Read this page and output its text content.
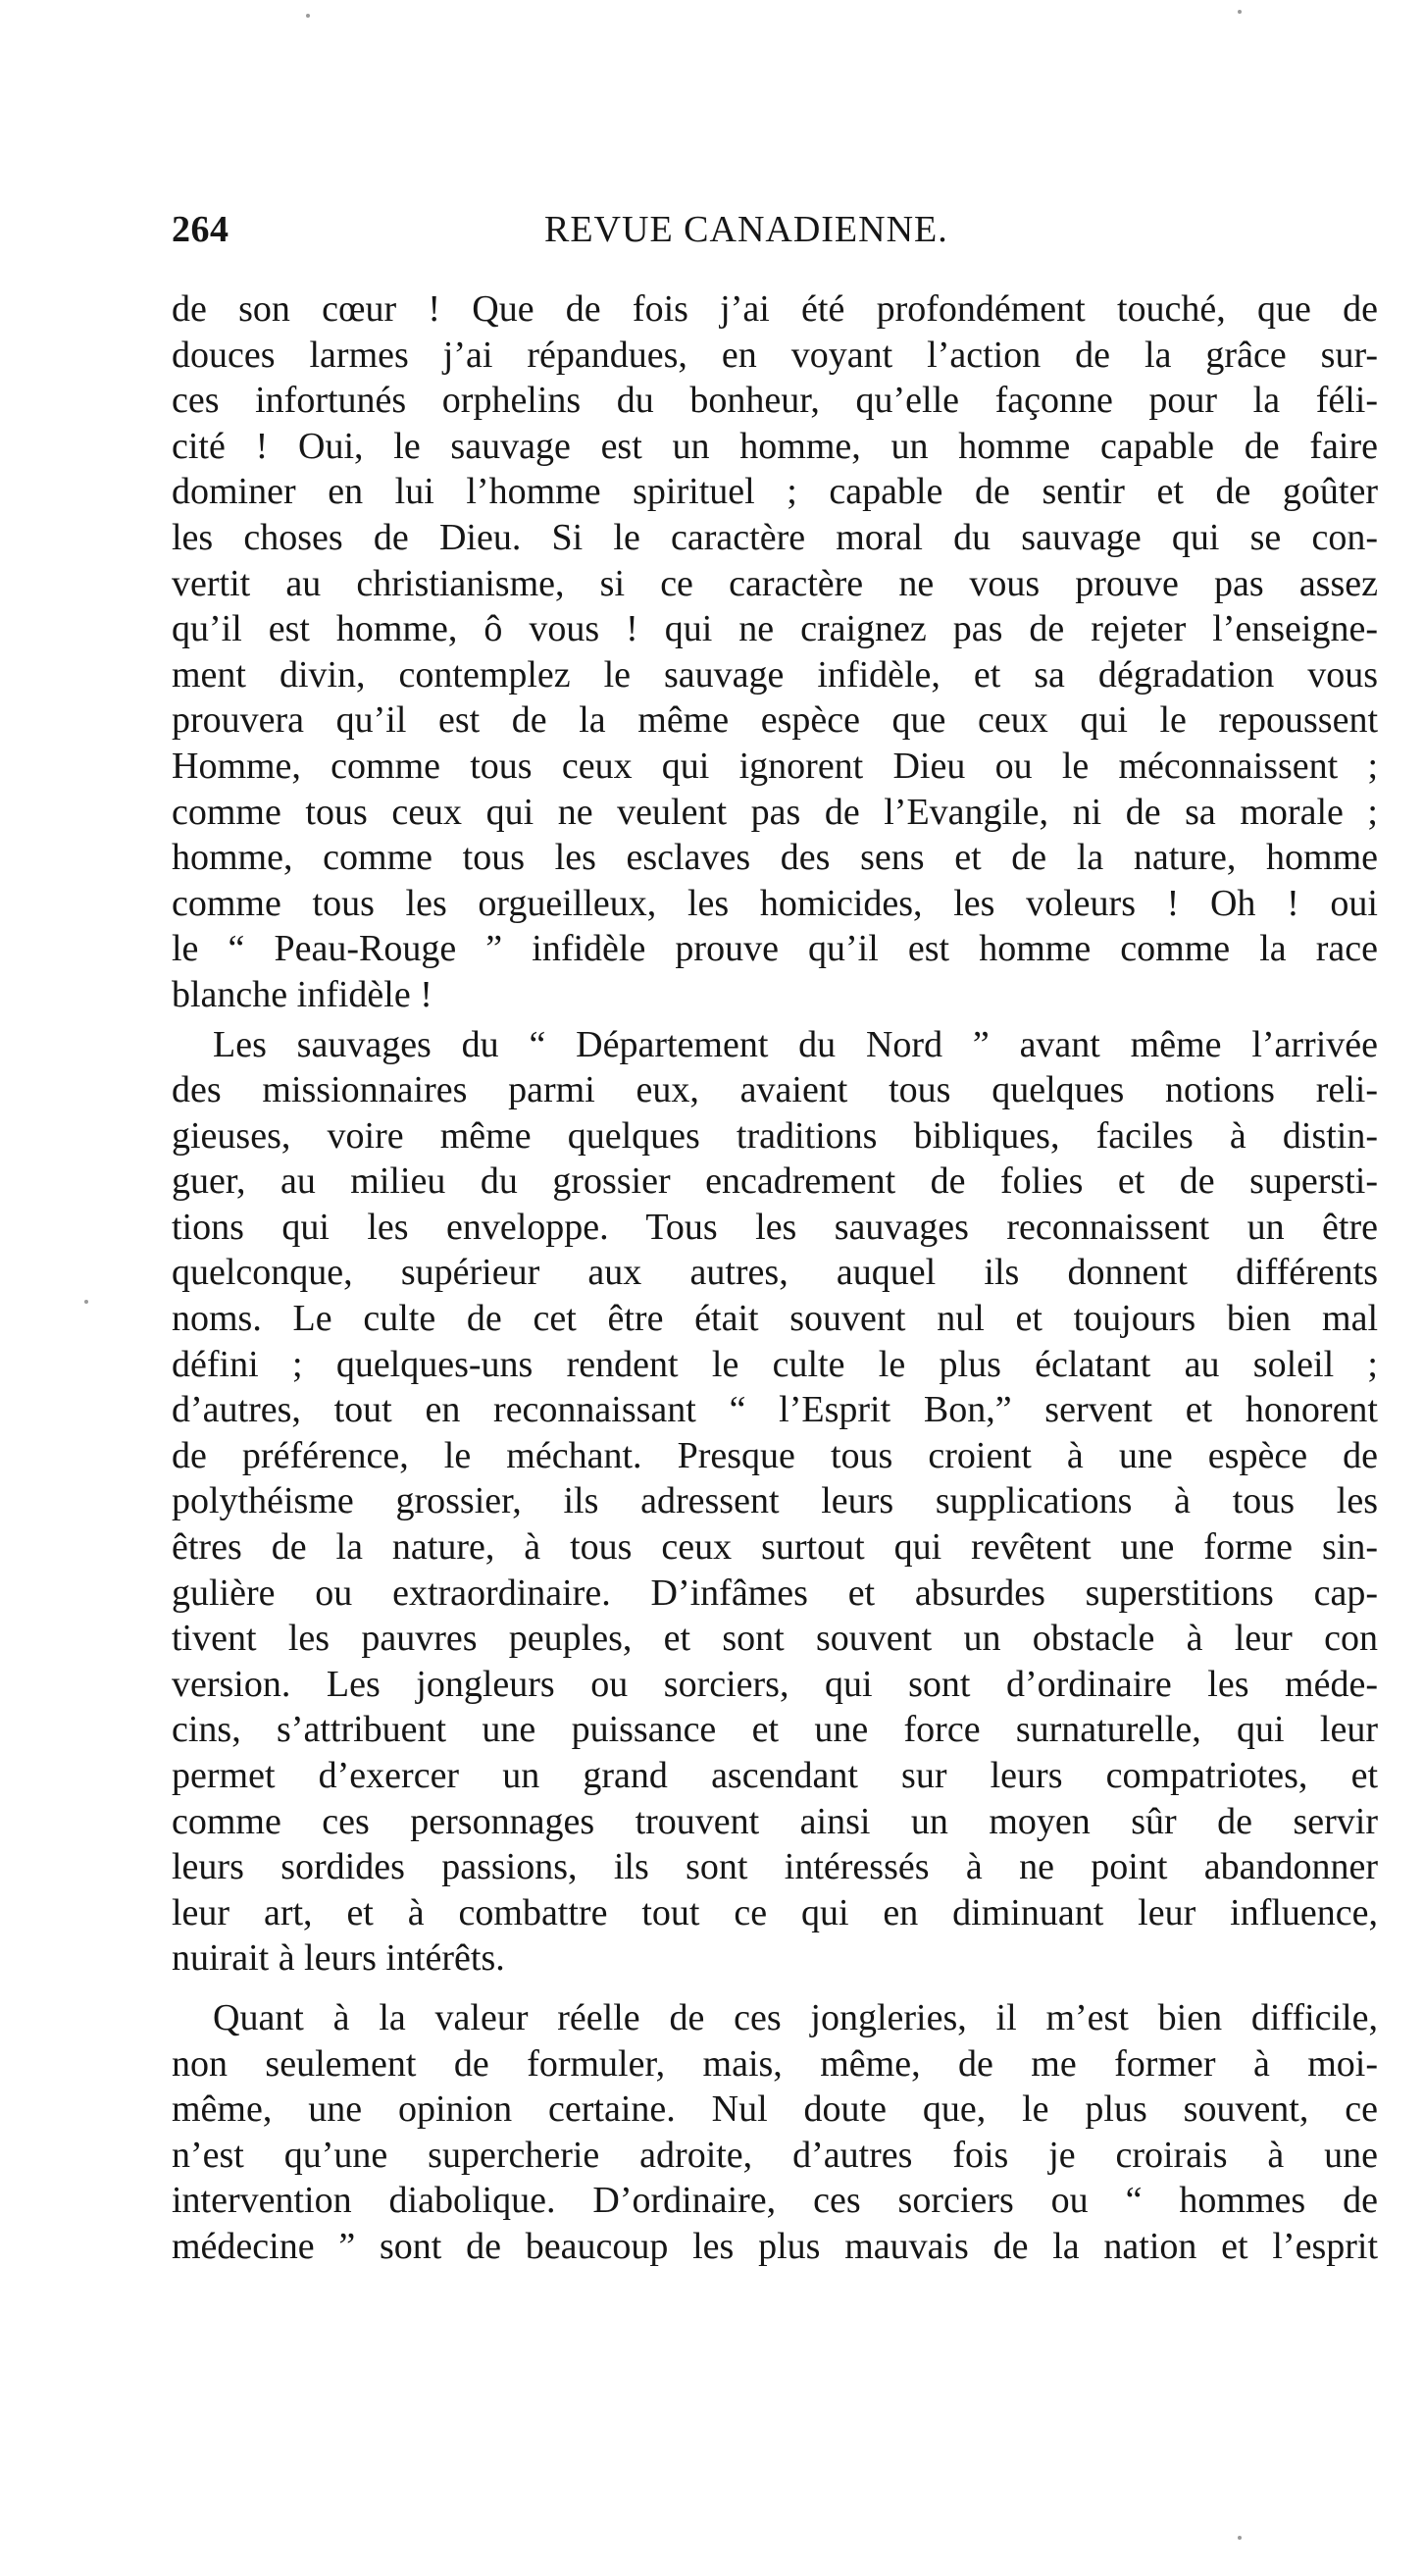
264	REVUE CANADIENNE.
de son cœur ! Que de fois j’ai été profondément touché, que de
douces larmes j’ai répandues, en voyant l’action de la grâce sur-
ces infortunés orphelins du bonheur, qu’elle façonne pour la féli-
cité ! Oui, le sauvage est un homme, un homme capable de faire
dominer en lui l’homme spirituel ; capable de sentir et de goûter
les choses de Dieu. Si le caractère moral du sauvage qui se con-
vertit au christianisme, si ce caractère ne vous prouve pas assez
qu’il est homme, ô vous ! qui ne craignez pas de rejeter l’enseigne-
ment divin, contemplez le sauvage infidèle, et sa dégradation vous
prouvera qu’il est de la même espèce que ceux qui le repoussent
Homme, comme tous ceux qui ignorent Dieu ou le méconnaissent ;
comme tous ceux qui ne veulent pas de l’Evangile, ni de sa morale ;
homme, comme tous les esclaves des sens et de la nature, homme
comme tous les orgueilleux, les homicides, les voleurs ! Oh ! oui
le “ Peau-Rouge ” infidèle prouve qu’il est homme comme la race
blanche infidèle !
Les sauvages du “ Département du Nord ” avant même l’arrivée
des missionnaires parmi eux, avaient tous quelques notions reli-
gieuses, voire même quelques traditions bibliques, faciles à distin-
guer, au milieu du grossier encadrement de folies et de supersti-
tions qui les enveloppe. Tous les sauvages reconnaissent un être
quelconque, supérieur aux autres, auquel ils donnent différents
noms. Le culte de cet être était souvent nul et toujours bien mal
défini ; quelques-uns rendent le culte le plus éclatant au soleil ;
d’autres, tout en reconnaissant “ l’Esprit Bon,” servent et honorent
de préférence, le méchant. Presque tous croient à une espèce de
polythéisme grossier, ils adressent leurs supplications à tous les
êtres de la nature, à tous ceux surtout qui revêtent une forme sin-
gulière ou extraordinaire. D’infâmes et absurdes superstitions cap-
tivent les pauvres peuples, et sont souvent un obstacle à leur con
version. Les jongleurs ou sorciers, qui sont d’ordinaire les méde-
cins, s’attribuent une puissance et une force surnaturelle, qui leur
permet d’exercer un grand ascendant sur leurs compatriotes, et
comme ces personnages trouvent ainsi un moyen sûr de servir
leurs sordides passions, ils sont intéressés à ne point abandonner
leur art, et à combattre tout ce qui en diminuant leur influence,
nuirait à leurs intérêts.
Quant à la valeur réelle de ces jongleries, il m’est bien difficile,
non seulement de formuler, mais, même, de me former à moi-
même, une opinion certaine. Nul doute que, le plus souvent, ce
n’est qu’une supercherie adroite, d’autres fois je croirais à une
intervention diabolique. D’ordinaire, ces sorciers ou “ hommes de
médecine ” sont de beaucoup les plus mauvais de la nation et l’esprit
